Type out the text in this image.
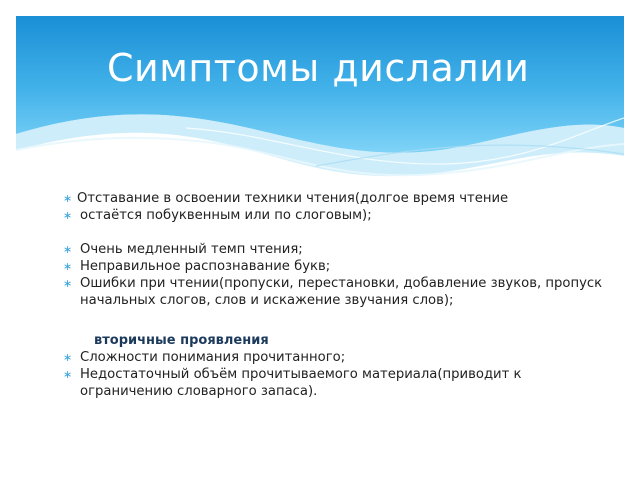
Симптомы дислалии
∗ Отставание в освоении техники чтения(долгое время чтение
∗ остаётся побуквенным или по слоговым);
∗ Очень медленный темп чтения;
∗ Неправильное распознавание букв;
∗ Ошибки при чтении(пропуски, перестановки, добавление звуков, пропуск начальных слогов, слов и искажение звучания слов);
вторичные проявления
∗ Сложности понимания прочитанного;
∗ Недостаточный объём прочитываемого материала(приводит к ограничению словарного запаса).
